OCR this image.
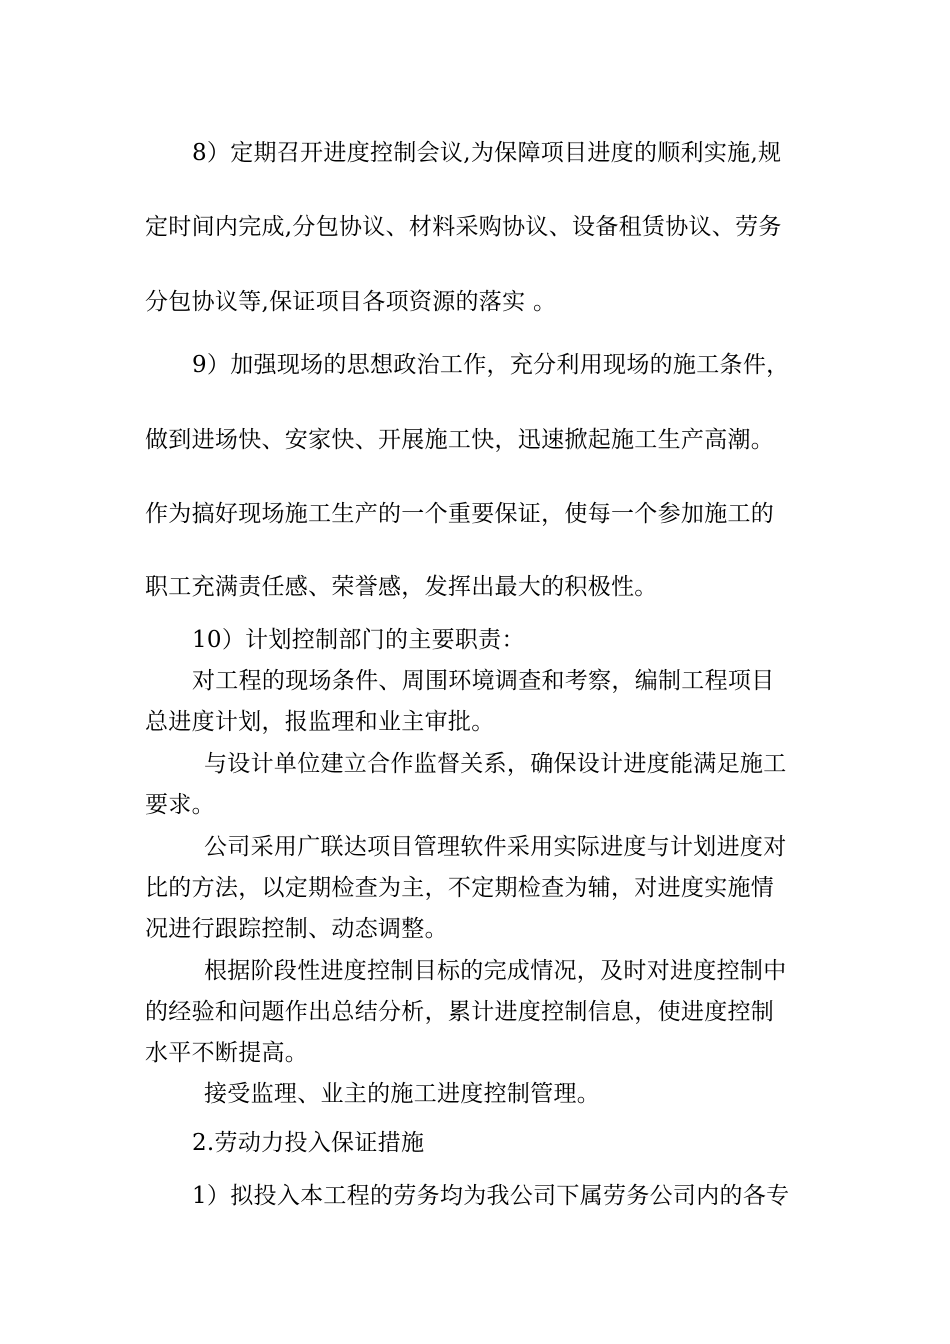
8）定期召开进度控制会议,为保障项目进度的顺利实施,规
定时间内完成,分包协议、材料采购协议、设备租赁协议、劳务
分包协议等,保证项目各项资源的落实 。
9）加强现场的思想政治工作，充分利用现场的施工条件，
做到进场快、安家快、开展施工快，迅速掀起施工生产高潮。
作为搞好现场施工生产的一个重要保证，使每一个参加施工的
职工充满责任感、荣誉感，发挥出最大的积极性。
10）计划控制部门的主要职责：
对工程的现场条件、周围环境调查和考察，编制工程项目
总进度计划，报监理和业主审批。
与设计单位建立合作监督关系，确保设计进度能满足施工
要求。
公司采用广联达项目管理软件采用实际进度与计划进度对
比的方法，以定期检查为主，不定期检查为辅，对进度实施情
况进行跟踪控制、动态调整。
根据阶段性进度控制目标的完成情况，及时对进度控制中
的经验和问题作出总结分析，累计进度控制信息，使进度控制
水平不断提高。
接受监理、业主的施工进度控制管理。
2.劳动力投入保证措施
1）拟投入本工程的劳务均为我公司下属劳务公司内的各专
